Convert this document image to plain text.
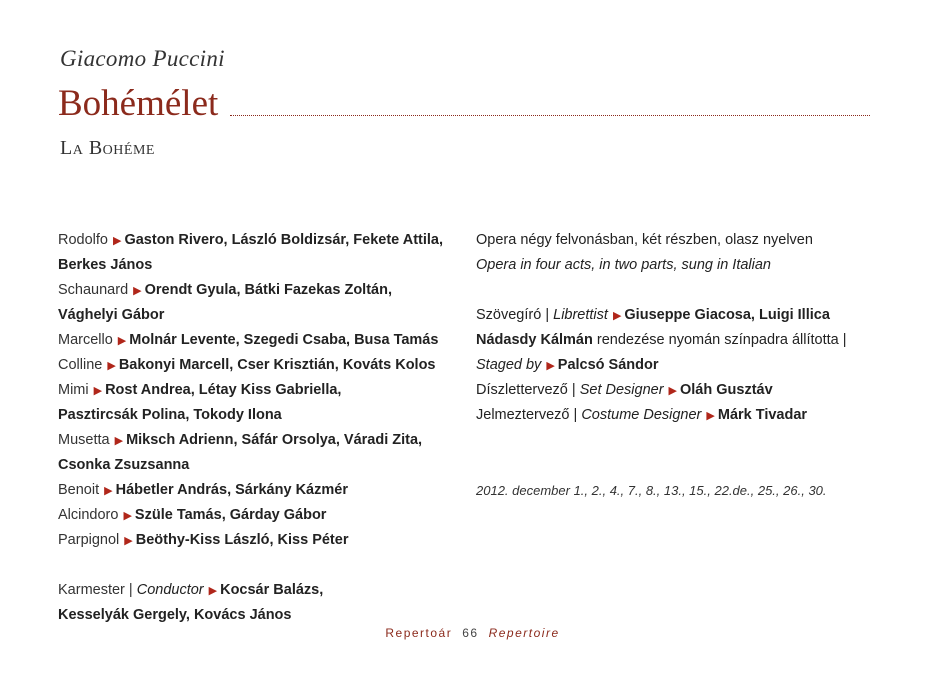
Giacomo Puccini
Bohémélet
La Bohéme
Rodolfo ▶ Gaston Rivero, László Boldizsár, Fekete Attila,
Berkes János
Schaunard ▶ Orendt Gyula, Bátki Fazekas Zoltán,
Vághelyi Gábor
Marcello ▶ Molnár Levente, Szegedi Csaba, Busa Tamás
Colline ▶ Bakonyi Marcell, Cser Krisztián, Kováts Kolos
Mimi ▶ Rost Andrea, Létay Kiss Gabriella,
Pasztircsák Polina, Tokody Ilona
Musetta ▶ Miksch Adrienn, Sáfár Orsolya, Váradi Zita,
Csonka Zsuzsanna
Benoit ▶ Hábetler András, Sárkány Kázmér
Alcindoro ▶ Szüle Tamás, Gárday Gábor
Parpignol ▶ Beöthy-Kiss László, Kiss Péter
Karmester | Conductor ▶ Kocsár Balázs,
Kesselyák Gergely, Kovács János
Opera négy felvonásban, két részben, olasz nyelven
Opera in four acts, in two parts, sung in Italian
Szövegíró | Librettist ▶ Giuseppe Giacosa, Luigi Illica
Nádasdy Kálmán rendezése nyomán színpadra állította |
Staged by ▶ Palcsó Sándor
Díszlettervező | Set Designer ▶ Oláh Gusztáv
Jelmeztervező | Costume Designer ▶ Márk Tivadar
2012. december 1., 2., 4., 7., 8., 13., 15., 22.de., 25., 26., 30.
Repertoár 66 Repertoire
